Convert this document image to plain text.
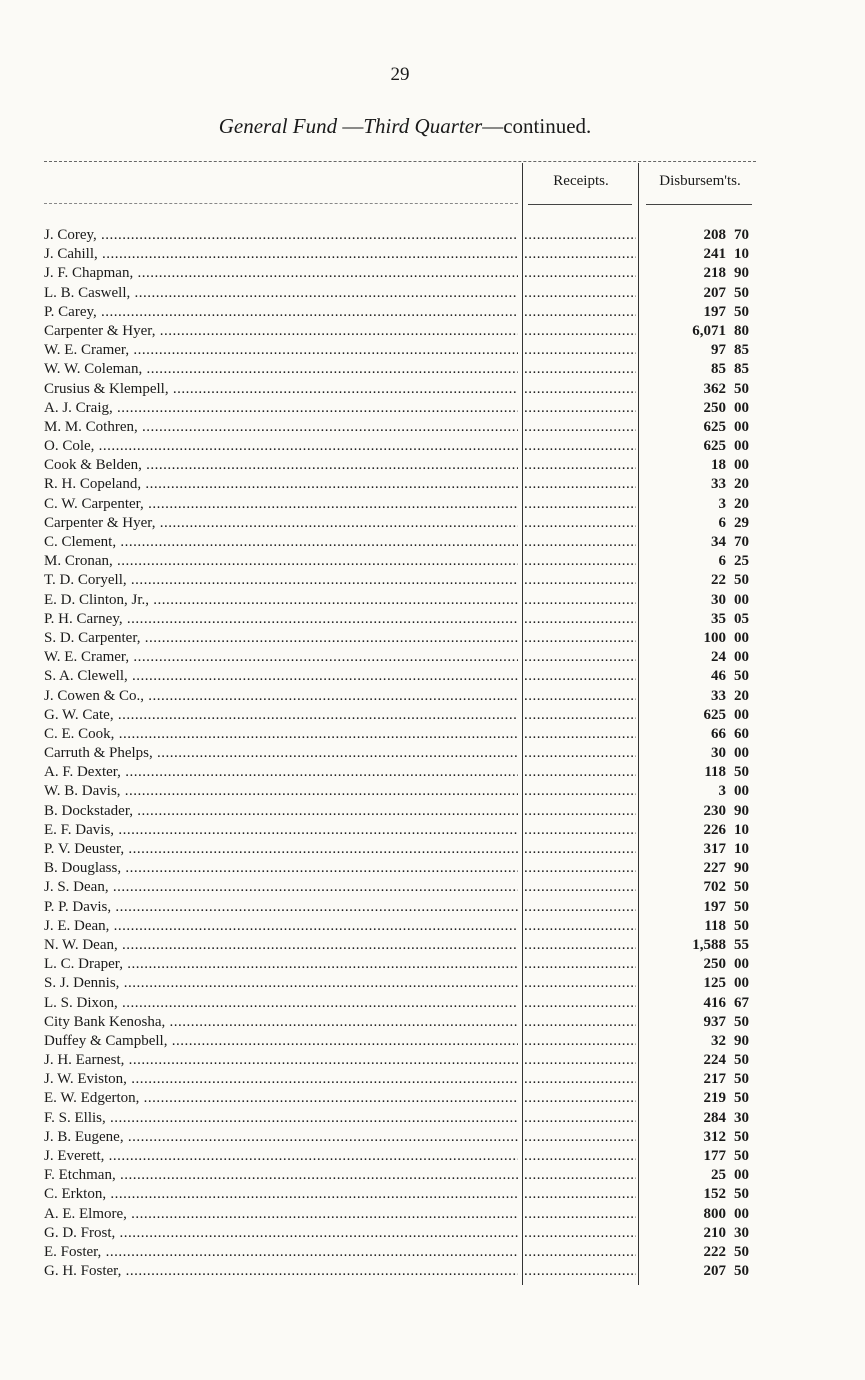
29
General Fund —Third Quarter—continued.
Receipts.	Disbursem'ts.
J. Corey, ..... .....	208 70
J. Cahill, ..... .....	241 10
J. F. Chapman, ..... .....	218 90
L. B. Caswell, ..... .....	207 50
P. Carey, ..... .....	197 50
Carpenter & Hyer, ..... .....	6,071 80
W. E. Cramer, ..... .....	97 85
W. W. Coleman, ..... .....	85 85
Crusius & Klempell, ..... .....	362 50
A. J. Craig, ..... .....	250 00
M. M. Cothren, ..... .....	625 00
O. Cole, ..... .....	625 00
Cook & Belden, ..... .....	18 00
R. H. Copeland, ..... .....	33 20
C. W. Carpenter, ..... .....	3 20
Carpenter & Hyer, ..... .....	6 29
C. Clement, ..... .....	34 70
M. Cronan, ..... .....	6 25
T. D. Coryell, ..... .....	22 50
E. D. Clinton, Jr., ..... .....	30 00
P. H. Carney, ..... .....	35 05
S. D. Carpenter, ..... .....	100 00
W. E. Cramer, ..... .....	24 00
S. A. Clewell, ..... .....	46 50
J. Cowen & Co., ..... .....	33 20
G. W. Cate, ..... .....	625 00
C. E. Cook, ..... .....	66 60
Carruth & Phelps, ..... .....	30 00
A. F. Dexter, ..... .....	118 50
W. B. Davis, ..... .....	3 00
B. Dockstader, ..... .....	230 90
E. F. Davis, ..... .....	226 10
P. V. Deuster, ..... .....	317 10
B. Douglass, ..... .....	227 90
J. S. Dean, ..... .....	702 50
P. P. Davis, ..... .....	197 50
J. E. Dean, ..... .....	118 50
N. W. Dean, ..... .....	1,588 55
L. C. Draper, ..... .....	250 00
S. J. Dennis, ..... .....	125 00
L. S. Dixon, ..... .....	416 67
City Bank Kenosha, ..... .....	937 50
Duffey & Campbell, ..... .....	32 90
J. H. Earnest, ..... .....	224 50
J. W. Eviston, ..... .....	217 50
E. W. Edgerton, ..... .....	219 50
F. S. Ellis, ..... .....	284 30
J. B. Eugene, ..... .....	312 50
J. Everett, ..... .....	177 50
F. Etchman, ..... .....	25 00
C. Erkton, ..... .....	152 50
A. E. Elmore, ..... .....	800 00
G. D. Frost, ..... .....	210 30
E. Foster, ..... .....	222 50
G. H. Foster, ..... .....	207 50
